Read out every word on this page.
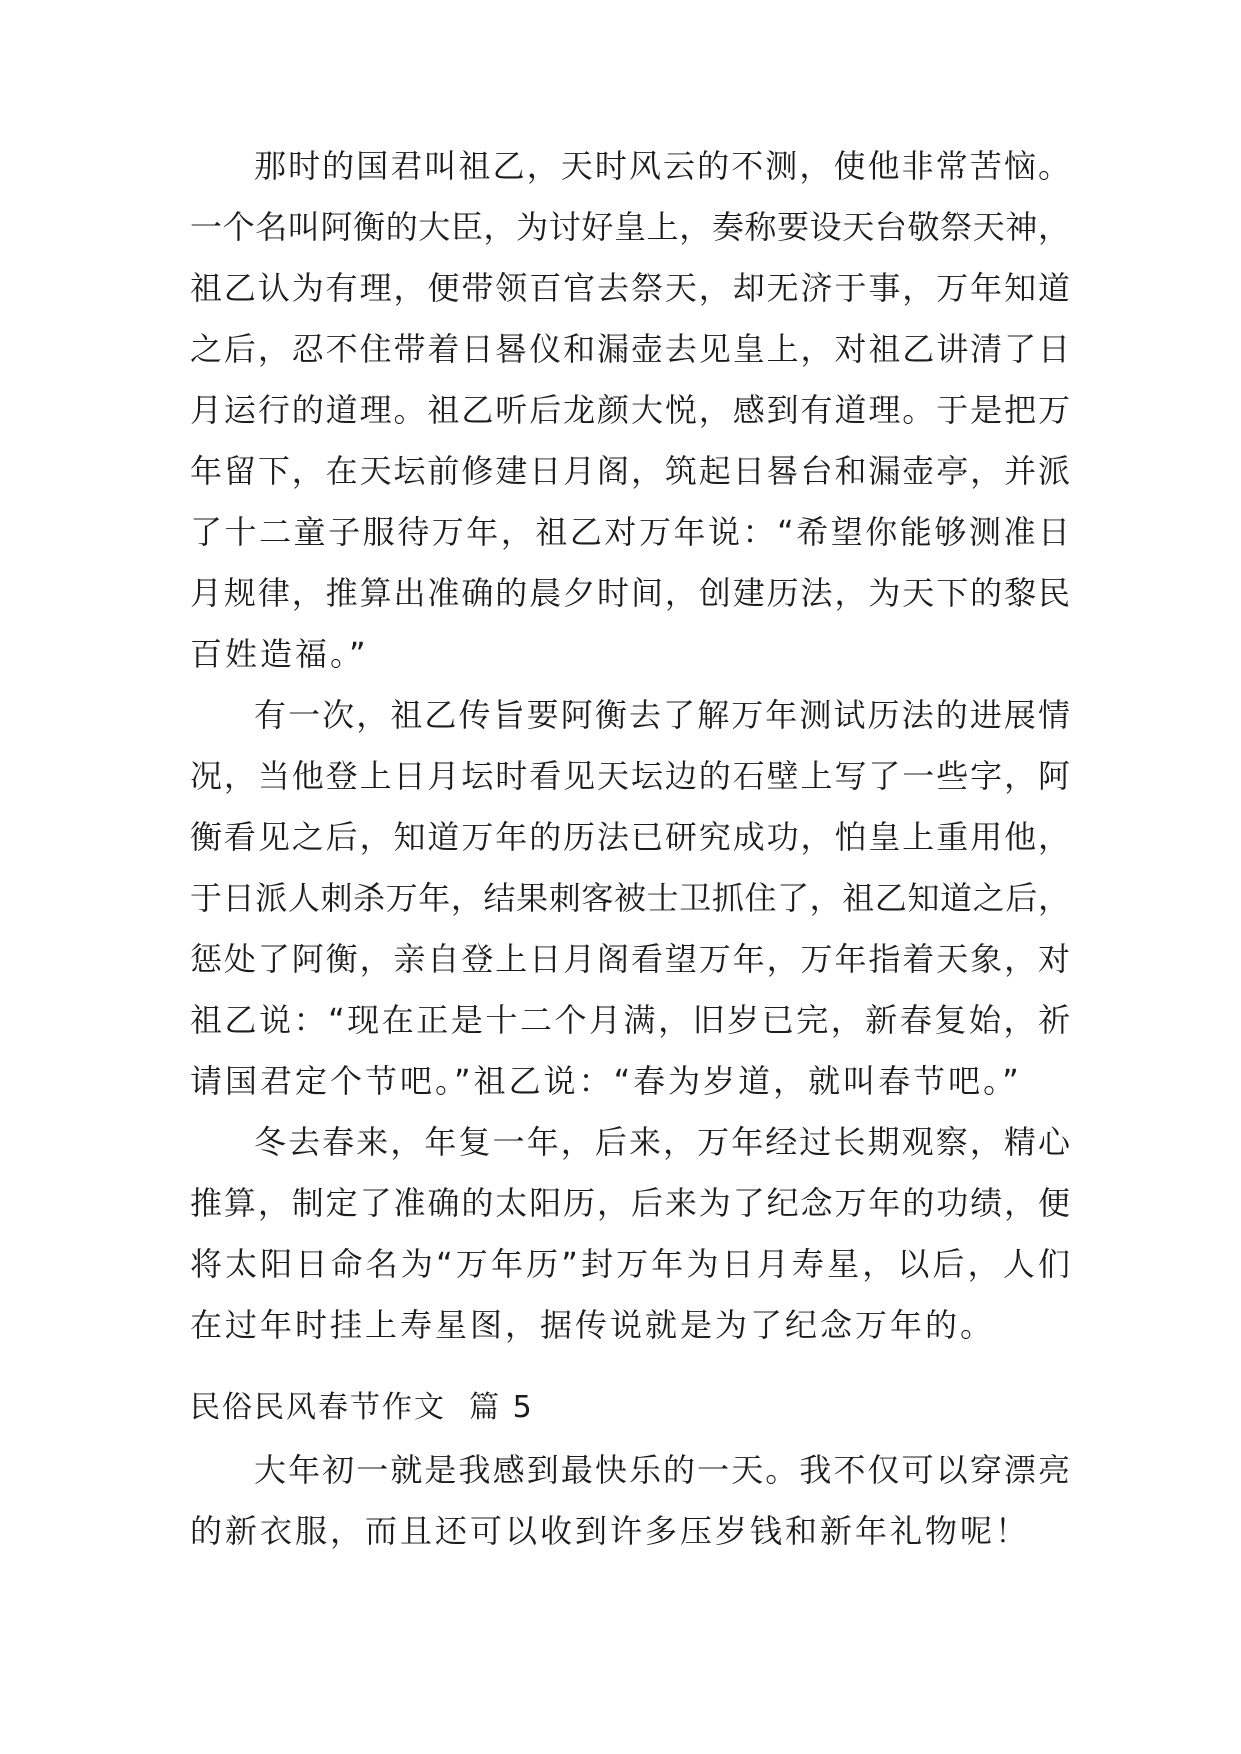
那时的国君叫祖乙，天时风云的不测，使他非常苦恼。
一个名叫阿衡的大臣，为讨好皇上，奏称要设天台敬祭天神，
祖乙认为有理，便带领百官去祭天，却无济于事，万年知道
之后，忍不住带着日晷仪和漏壶去见皇上，对祖乙讲清了日
月运行的道理。祖乙听后龙颜大悦，感到有道理。于是把万
年留下，在天坛前修建日月阁，筑起日晷台和漏壶亭，并派
了十二童子服待万年，祖乙对万年说：“希望你能够测准日
月规律，推算出准确的晨夕时间，创建历法，为天下的黎民
百姓造福。”
有一次，祖乙传旨要阿衡去了解万年测试历法的进展情
况，当他登上日月坛时看见天坛边的石壁上写了一些字，阿
衡看见之后，知道万年的历法已研究成功，怕皇上重用他，
于日派人刺杀万年，结果刺客被士卫抓住了，祖乙知道之后，
惩处了阿衡，亲自登上日月阁看望万年，万年指着天象，对
祖乙说：“现在正是十二个月满，旧岁已完，新春复始，祈
请国君定个节吧。”祖乙说：“春为岁道，就叫春节吧。”
冬去春来，年复一年，后来，万年经过长期观察，精心
推算，制定了准确的太阳历，后来为了纪念万年的功绩，便
将太阳日命名为“万年历”封万年为日月寿星，以后，人们
在过年时挂上寿星图，据传说就是为了纪念万年的。
民俗民风春节作文  篇 5
大年初一就是我感到最快乐的一天。我不仅可以穿漂亮
的新衣服，而且还可以收到许多压岁钱和新年礼物呢！
